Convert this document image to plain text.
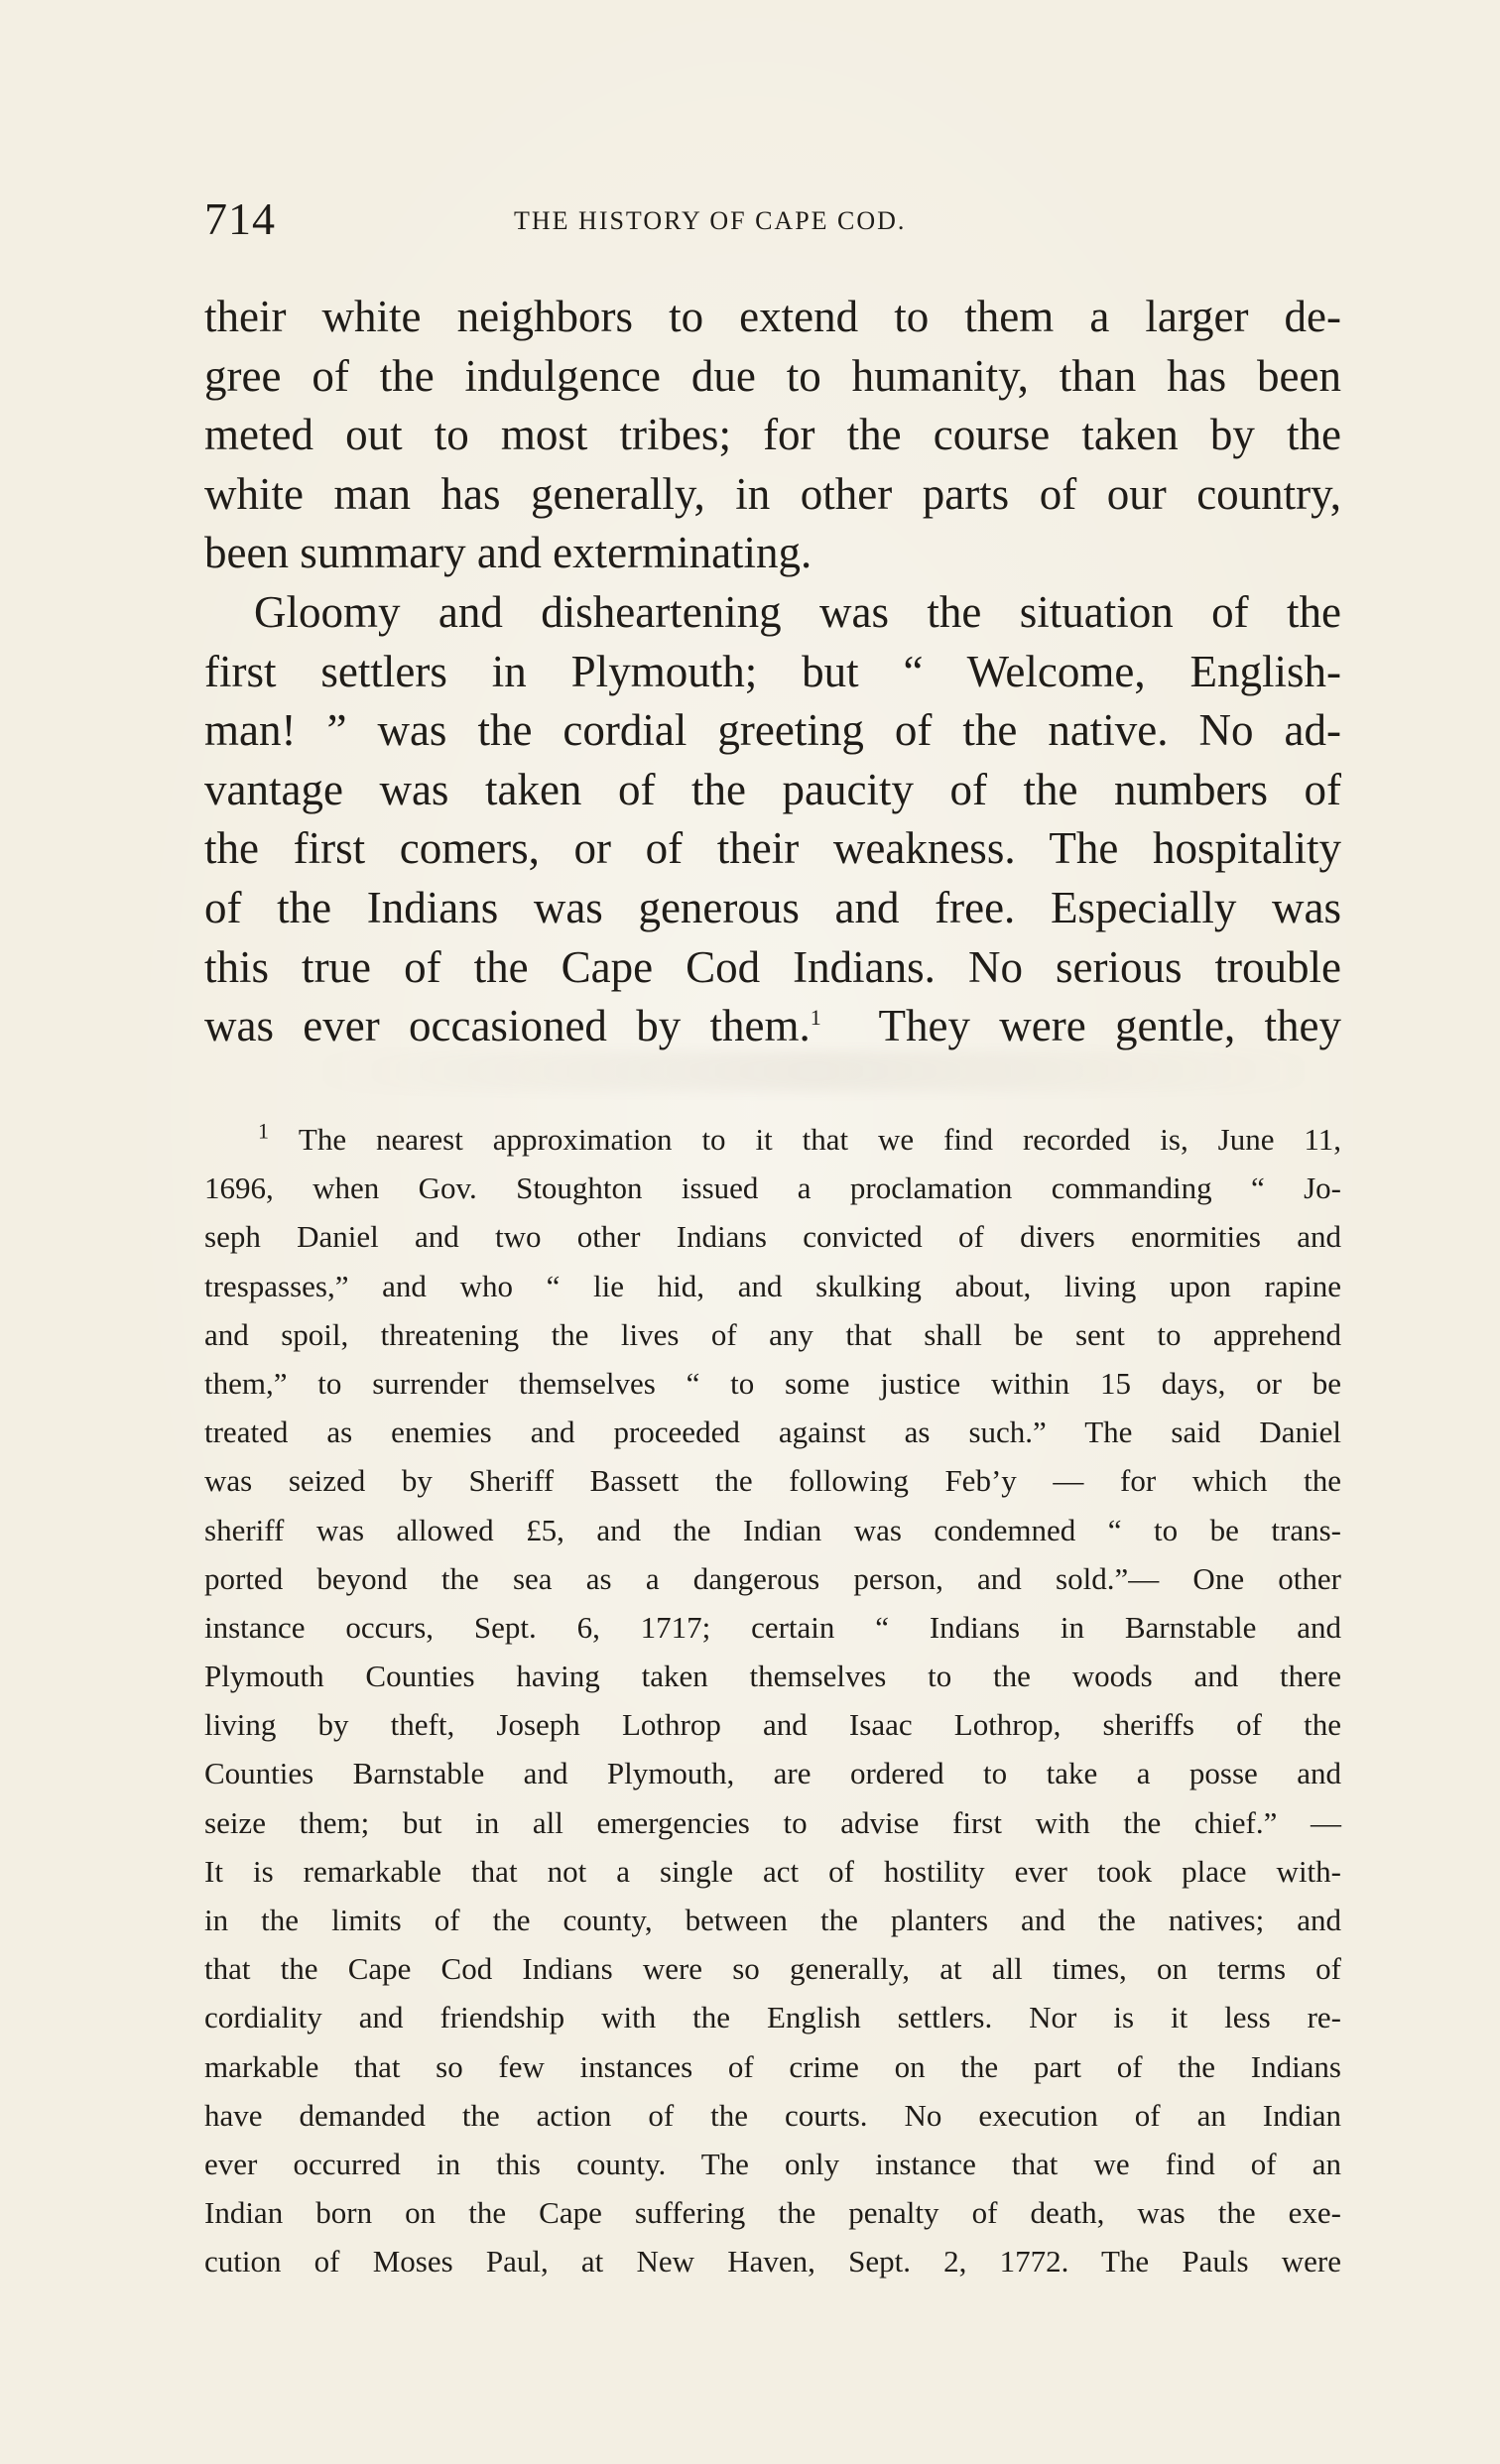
714	THE HISTORY OF CAPE COD.
their white neighbors to extend to them a larger de-
gree of the indulgence due to humanity, than has been
meted out to most tribes; for the course taken by the
white man has generally, in other parts of our country,
been summary and exterminating.
Gloomy and disheartening was the situation of the
first settlers in Plymouth; but “ Welcome, English-
man! ” was the cordial greeting of the native. No ad-
vantage was taken of the paucity of the numbers of
the first comers, or of their weakness. The hospitality
of the Indians was generous and free. Especially was
this true of the Cape Cod Indians. No serious trouble
was ever occasioned by them.$^1$ They were gentle, they
$^1$ The nearest approximation to it that we find recorded is, June 11,
1696, when Gov. Stoughton issued a proclamation commanding “ Jo-
seph Daniel and two other Indians convicted of divers enormities and
trespasses,” and who “ lie hid, and skulking about, living upon rapine
and spoil, threatening the lives of any that shall be sent to apprehend
them,” to surrender themselves “ to some justice within 15 days, or be
treated as enemies and proceeded against as such.” The said Daniel
was seized by Sheriff Bassett the following Feb’y — for which the
sheriff was allowed £5, and the Indian was condemned “ to be trans-
ported beyond the sea as a dangerous person, and sold.”— One other
instance occurs, Sept. 6, 1717; certain “ Indians in Barnstable and
Plymouth Counties having taken themselves to the woods and there
living by theft, Joseph Lothrop and Isaac Lothrop, sheriffs of the
Counties Barnstable and Plymouth, are ordered to take a posse and
seize them; but in all emergencies to advise first with the chief.” —
It is remarkable that not a single act of hostility ever took place with-
in the limits of the county, between the planters and the natives; and
that the Cape Cod Indians were so generally, at all times, on terms of
cordiality and friendship with the English settlers. Nor is it less re-
markable that so few instances of crime on the part of the Indians
have demanded the action of the courts. No execution of an Indian
ever occurred in this county. The only instance that we find of an
Indian born on the Cape suffering the penalty of death, was the exe-
cution of Moses Paul, at New Haven, Sept. 2, 1772. The Pauls were
